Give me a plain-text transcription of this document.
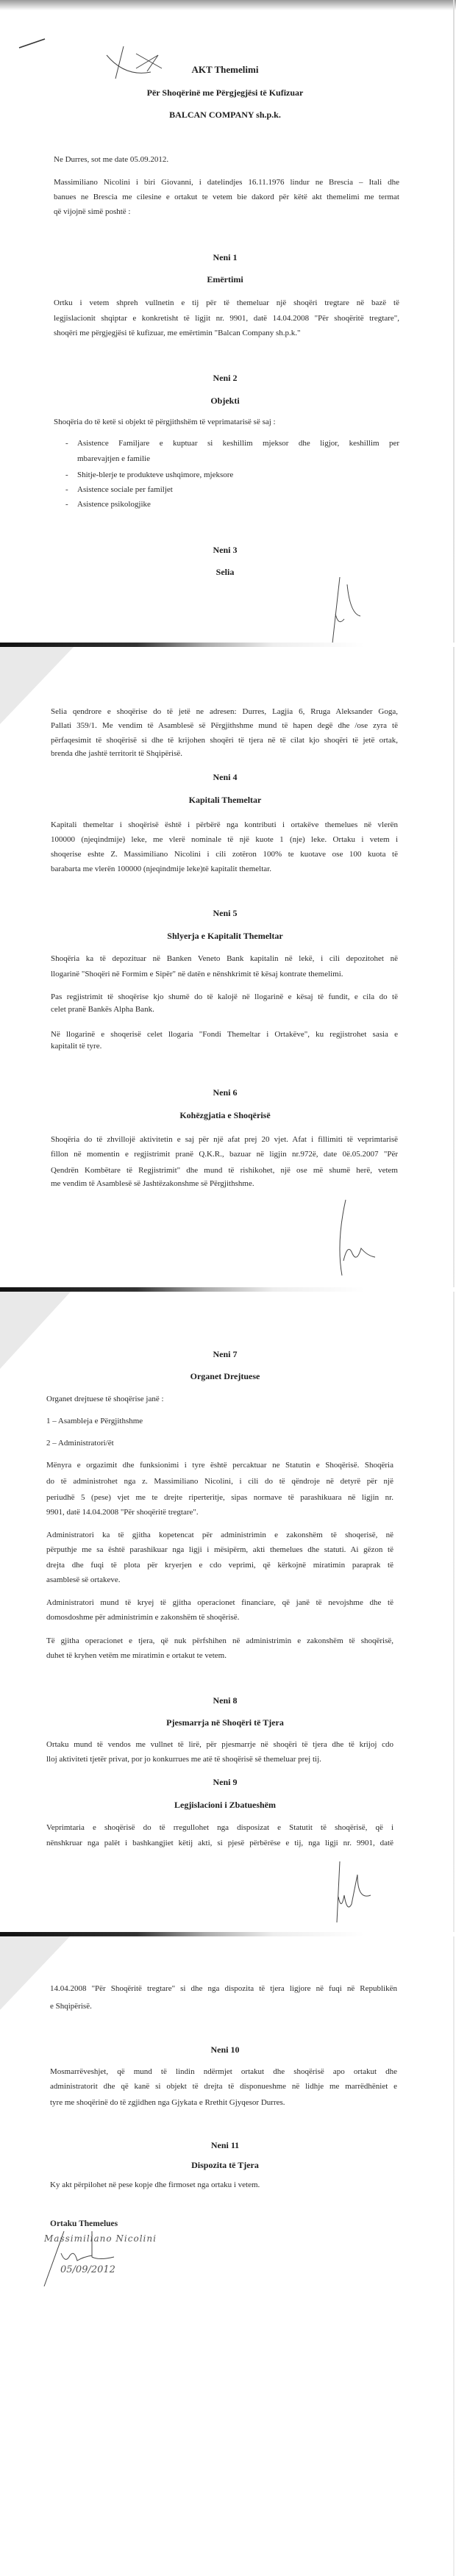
AKT Themelimi
Për Shoqërinë me Përgjegjësi të Kufizuar
BALCAN COMPANY sh.p.k.
Ne Durres, sot me date 05.09.2012.
Massimiliano Nicolini i biri Giovanni, i datelindjes 16.11.1976 lindur ne Brescia – Itali dhe
banues ne Brescia me cilesine e ortakut te vetem bie dakord për këtë akt themelimi me termat
që vijojnë simë poshtë :
Neni 1
Emërtimi
Ortku i vetem shpreh vullnetin e tij për të themeluar një shoqëri tregtare në bazë të
legjislacionit shqiptar e konkretisht të ligjit nr. 9901, datë 14.04.2008 "Për shoqëritë tregtare",
shoqëri me përgjegjësi të kufizuar, me emërtimin "Balcan Company sh.p.k."
Neni 2
Objekti
Shoqëria do të ketë si objekt të përgjithshëm të veprimatarisë së saj :
- Asistence Familjare e kuptuar si keshillim mjeksor dhe ligjor, keshillim per
mbarevajtjen e familie
- Shitje-blerje te produkteve ushqimore, mjeksore
- Asistence sociale per familjet
- Asistence psikologjike
Neni 3
Selia
Selia qendrore e shoqërise do të jetë ne adresen: Durres, Lagjia 6, Rruga Aleksander Goga,
Pallati 359/1. Me vendim të Asamblesë së Përgjithshme mund të hapen degë dhe /ose zyra të
përfaqesimit të shoqërisë si dhe të krijohen shoqëri të tjera në të cilat kjo shoqëri të jetë ortak,
brenda dhe jashtë territorit të Shqipërisë.
Neni 4
Kapitali Themeltar
Kapitali themeltar i shoqërisë është i përbërë nga kontributi i ortakëve themelues në vlerën
100000 (njeqindmije) leke, me vlerë nominale të një kuote 1 (nje) leke. Ortaku i vetem i
shoqerise eshte Z. Massimiliano Nicolini i cili zotëron 100% te kuotave ose 100 kuota të
barabarta me vlerën 100000 (njeqindmije leke)të kapitalit themeltar.
Neni 5
Shlyerja e Kapitalit Themeltar
Shoqëria ka të depozituar në Banken Veneto Bank kapitalin në lekë, i cili depozitohet në
llogarinë "Shoqëri në Formim e Sipër" në datën e nënshkrimit të kësaj kontrate themelimi.
Pas regjistrimit të shoqërise kjo shumë do të kalojë në llogarinë e kësaj të fundit, e cila do të
celet pranë Bankës Alpha Bank.
Në llogarinë e shoqerisë celet llogaria "Fondi Themeltar i Ortakëve", ku regjistrohet sasia e
kapitalit të tyre.
Neni 6
Kohëzgjatia e Shoqërisë
Shoqëria do të zhvillojë aktivitetin e saj për një afat prej 20 vjet. Afat i fillimiti të veprimtarisë
fillon në momentin e regjistrimit pranë Q.K.R., bazuar në ligjin nr.972ë, date 0ë.05.2007 "Për
Qendrën Kombëtare të Regjistrimit" dhe mund të rishikohet, një ose më shumë herë, vetem
me vendim të Asamblesë së Jashtëzakonshme së Përgjithshme.
Neni 7
Organet Drejtuese
Organet drejtuese të shoqërise janë :
1 – Asambleja e Përgjithshme
2 – Administratori/ët
Mënyra e orgazimit dhe funksionimi i tyre është percaktuar ne Statutin e Shoqërisë. Shoqëria
do të administrohet nga z. Massimiliano Nicolini, i cili do të qëndroje në detyrë për një
periudhë 5 (pese) vjet me te drejte riperteritje, sipas normave të parashikuara në ligjin nr.
9901, datë 14.04.2008 "Për shoqëritë tregtare".
Administratori ka të gjitha kopetencat për administrimin e zakonshëm të shoqerisë, në
përputhje me sa është parashikuar nga ligji i mësipërm, akti themelues dhe statuti. Ai gëzon të
drejta dhe fuqi të plota për kryerjen e cdo veprimi, që kërkojnë miratimin paraprak të
asamblesë së ortakeve.
Administratori mund të kryej të gjitha operacionet financiare, që janë të nevojshme dhe të
domosdoshme për administrimin e zakonshëm të shoqërisë.
Të gjitha operacionet e tjera, që nuk përfshihen në administrimin e zakonshëm të shoqërisë,
duhet të kryhen vetëm me miratimin e ortakut te vetem.
Neni 8
Pjesmarrja në Shoqëri të Tjera
Ortaku mund të vendos me vullnet të lirë, për pjesmarrje në shoqëri të tjera dhe të krijoj cdo
lloj aktiviteti tjetër privat, por jo konkurrues me atë të shoqërisë së themeluar prej tij.
Neni 9
Legjislacioni i Zbatueshëm
Veprimtaria e shoqërisë do të rregullohet nga disposizat e Statutit të shoqërisë, që i
nënshkruar nga palët i bashkangjiet këtij akti, si pjesë përbërëse e tij, nga ligji nr. 9901, datë
14.04.2008 "Për Shoqëritë tregtare" si dhe nga dispozita të tjera ligjore në fuqi në Republikën
e Shqipërisë.
Neni 10
Mosmarrëveshjet, që mund të lindin ndërmjet ortakut dhe shoqërisë apo ortakut dhe
administratorit dhe që kanë si objekt të drejta të disponueshme në lidhje me marrëdhëniet e
tyre me shoqërinë do të zgjidhen nga Gjykata e Rrethit Gjyqesor Durres.
Neni 11
Dispozita të Tjera
Ky akt përpilohet në pese kopje dhe firmoset nga ortaku i vetem.
Ortaku Themelues
Massimiliano Nicolini
05/09/2012
